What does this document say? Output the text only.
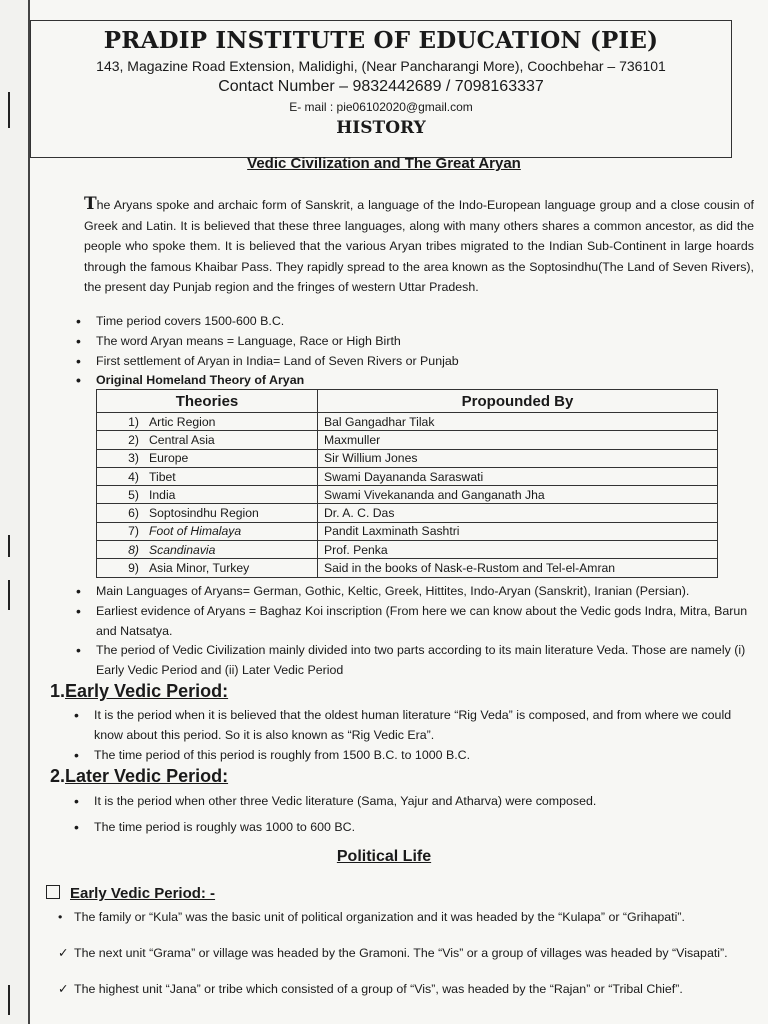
PRADIP INSTITUTE OF EDUCATION (PIE)
143, Magazine Road Extension, Malidighi, (Near Pancharangi More), Coochbehar – 736101
Contact Number – 9832442689 / 7098163337
E- mail : pie06102020@gmail.com
HISTORY
Vedic Civilization and The Great Aryan
The Aryans spoke and archaic form of Sanskrit, a language of the Indo-European language group and a close cousin of Greek and Latin. It is believed that these three languages, along with many others shares a common ancestor, as did the people who spoke them. It is believed that the various Aryan tribes migrated to the Indian Sub-Continent in large hoards through the famous Khaibar Pass. They rapidly spread to the area known as the Soptosindhu(The Land of Seven Rivers), the present day Punjab region and the fringes of western Uttar Pradesh.
• Time period covers 1500-600 B.C.
• The word Aryan means = Language, Race or High Birth
• First settlement of Aryan in India= Land of Seven Rivers or Punjab
• Original Homeland Theory of Aryan
Theories	Propounded By
1) Artic Region	Bal Gangadhar Tilak
2) Central Asia	Maxmuller
3) Europe	Sir Willium Jones
4) Tibet	Swami Dayananda Saraswati
5) India	Swami Vivekananda and Ganganath Jha
6) Soptosindhu Region	Dr. A. C. Das
7) Foot of Himalaya	Pandit Laxminath Sashtri
8) Scandinavia	Prof. Penka
9) Asia Minor, Turkey	Said in the books of Nask-e-Rustom and Tel-el-Amran
• Main Languages of Aryans= German, Gothic, Keltic, Greek, Hittites, Indo-Aryan (Sanskrit), Iranian (Persian).
• Earliest evidence of Aryans = Baghaz Koi inscription (From here we can know about the Vedic gods Indra, Mitra, Barun and Natsatya.
• The period of Vedic Civilization mainly divided into two parts according to its main literature Veda. Those are namely (i) Early Vedic Period and (ii) Later Vedic Period
1.Early Vedic Period:
• It is the period when it is believed that the oldest human literature “Rig Veda” is composed, and from where we could know about this period. So it is also known as “Rig Vedic Era”.
• The time period of this period is roughly from 1500 B.C. to 1000 B.C.
2.Later Vedic Period:
• It is the period when other three Vedic literature (Sama, Yajur and Atharva) were composed.
• The time period is roughly was 1000 to 600 BC.
Political Life
Early Vedic Period: -
• The family or “Kula” was the basic unit of political organization and it was headed by the “Kulapa” or “Grihapati”.
✓ The next unit “Grama” or village was headed by the Gramoni. The “Vis” or a group of villages was headed by “Visapati”.
✓ The highest unit “Jana” or tribe which consisted of a group of “Vis”, was headed by the “Rajan” or “Tribal Chief”.
